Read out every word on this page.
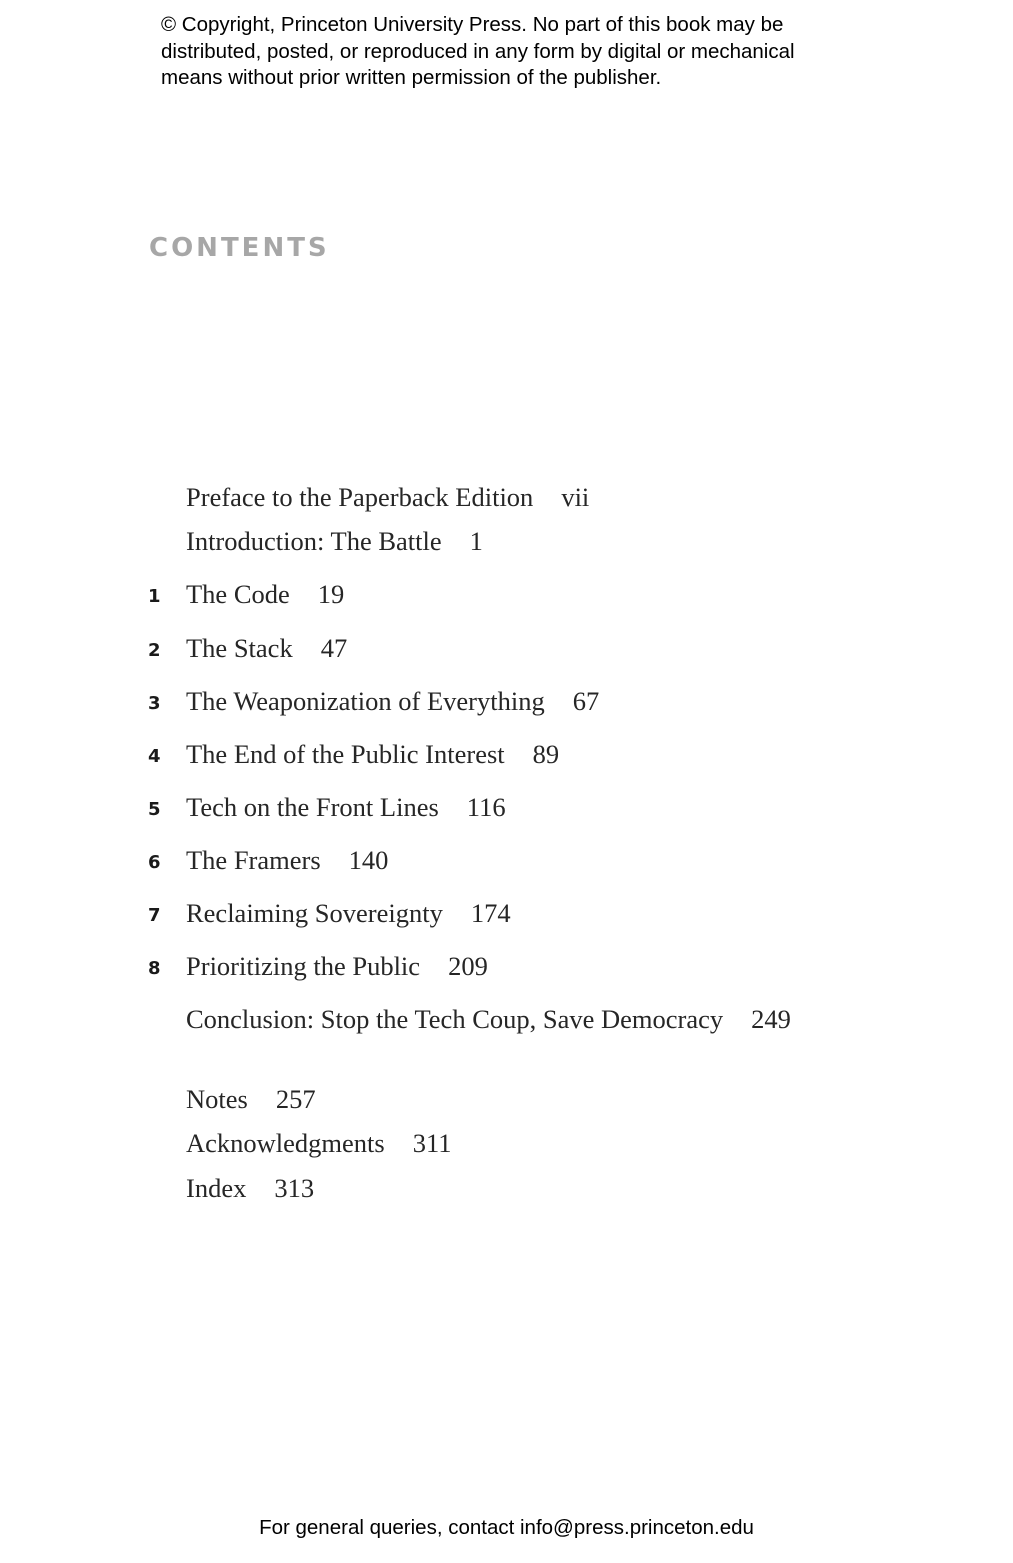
© Copyright, Princeton University Press. No part of this book may be
distributed, posted, or reproduced in any form by digital or mechanical
means without prior written permission of the publisher.
CONTENTS
Preface to the Paperback Edition vii
Introduction: The Battle 1
1 The Code 19
2 The Stack 47
3 The Weaponization of Everything 67
4 The End of the Public Interest 89
5 Tech on the Front Lines 116
6 The Framers 140
7 Reclaiming Sovereignty 174
8 Prioritizing the Public 209
Conclusion: Stop the Tech Coup, Save Democracy 249
Notes 257
Acknowledgments 311
Index 313
For general queries, contact info@press.princeton.edu
